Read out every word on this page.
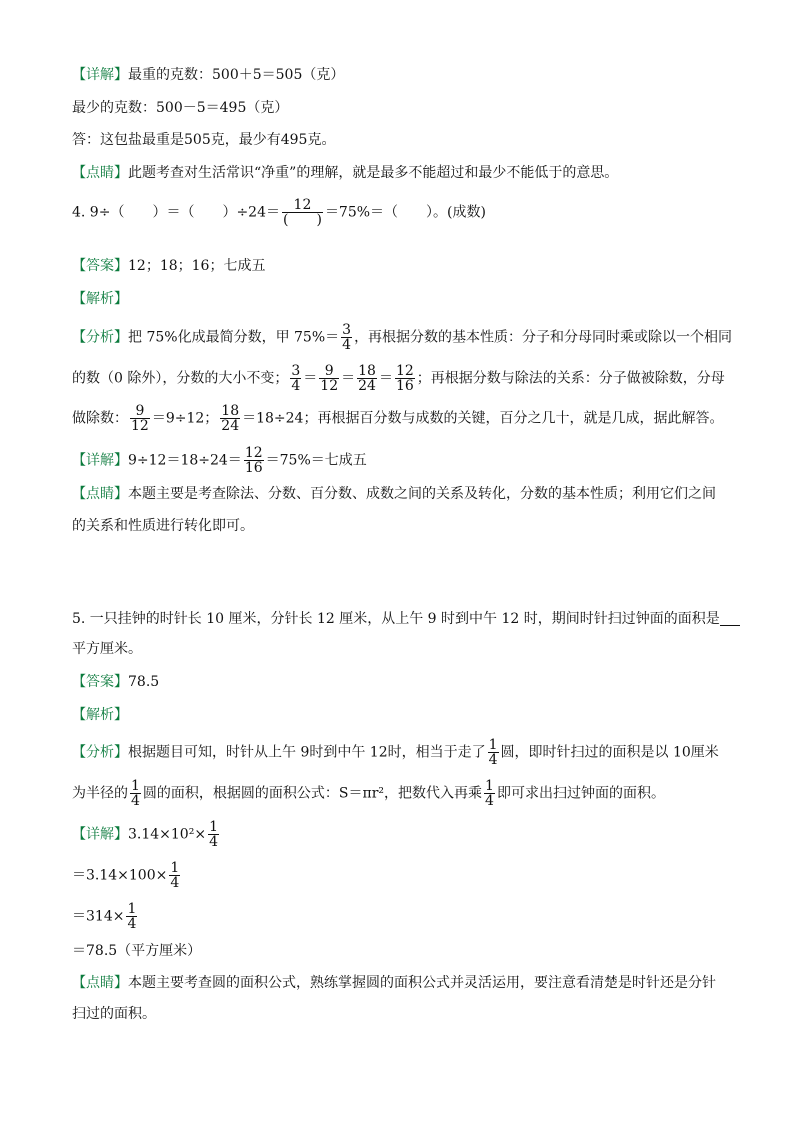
【详解】最重的克数：500＋5＝505（克）
最少的克数：500－5＝495（克）
答：这包盐最重是505克，最少有495克。
【点睛】此题考查对生活常识“净重”的理解，就是最多不能超过和最少不能低于的意思。
4. 9÷（　　）＝（　　）$\div 24= \frac{12}{( )} =75\%=$（　　）。(成数)
【答案】12；18；16；七成五
【解析】
【分析】把 75%化成最简分数，甲 $75\%= \frac{3}{4}$ ，再根据分数的基本性质：分子和分母同时乘或除以一个相同
的数（0 除外），分数的大小不变； $\frac{3}{4} = \frac{9}{12} = \frac{18}{24} = \frac{12}{16}$ ；再根据分数与除法的关系：分子做被除数，分母
做除数： $\frac{9}{12} =9\div 12$； $\frac{18}{24} =18\div 24$；再根据百分数与成数的关键，百分之几十，就是几成，据此解答。
【详解】$9\div 12=18\div 24= \frac{12}{16} =75\%=$七成五
【点睛】本题主要是考查除法、分数、百分数、成数之间的关系及转化，分数的基本性质；利用它们之间
的关系和性质进行转化即可。
5. 一只挂钟的时针长 10 厘米，分针长 12 厘米，从上午 9 时到中午 12 时，期间时针扫过钟面的面积是
平方厘米。
【答案】78.5
【解析】
【分析】根据题目可知，时针从上午 9时到中午 12时，相当于走了 $\frac{1}{4}$ 圆，即时针扫过的面积是以 10厘米
为半径的 $\frac{1}{4}$ 圆的面积，根据圆的面积公式：S＝πr²，把数代入再乘 $\frac{1}{4}$ 即可求出扫过钟面的面积。
【详解】$3.14\times 10^2\times \frac{1}{4}$
$=3.14\times 100\times \frac{1}{4}$
$=314\times \frac{1}{4}$
＝78.5（平方厘米）
【点睛】本题主要考查圆的面积公式，熟练掌握圆的面积公式并灵活运用，要注意看清楚是时针还是分针
扫过的面积。
